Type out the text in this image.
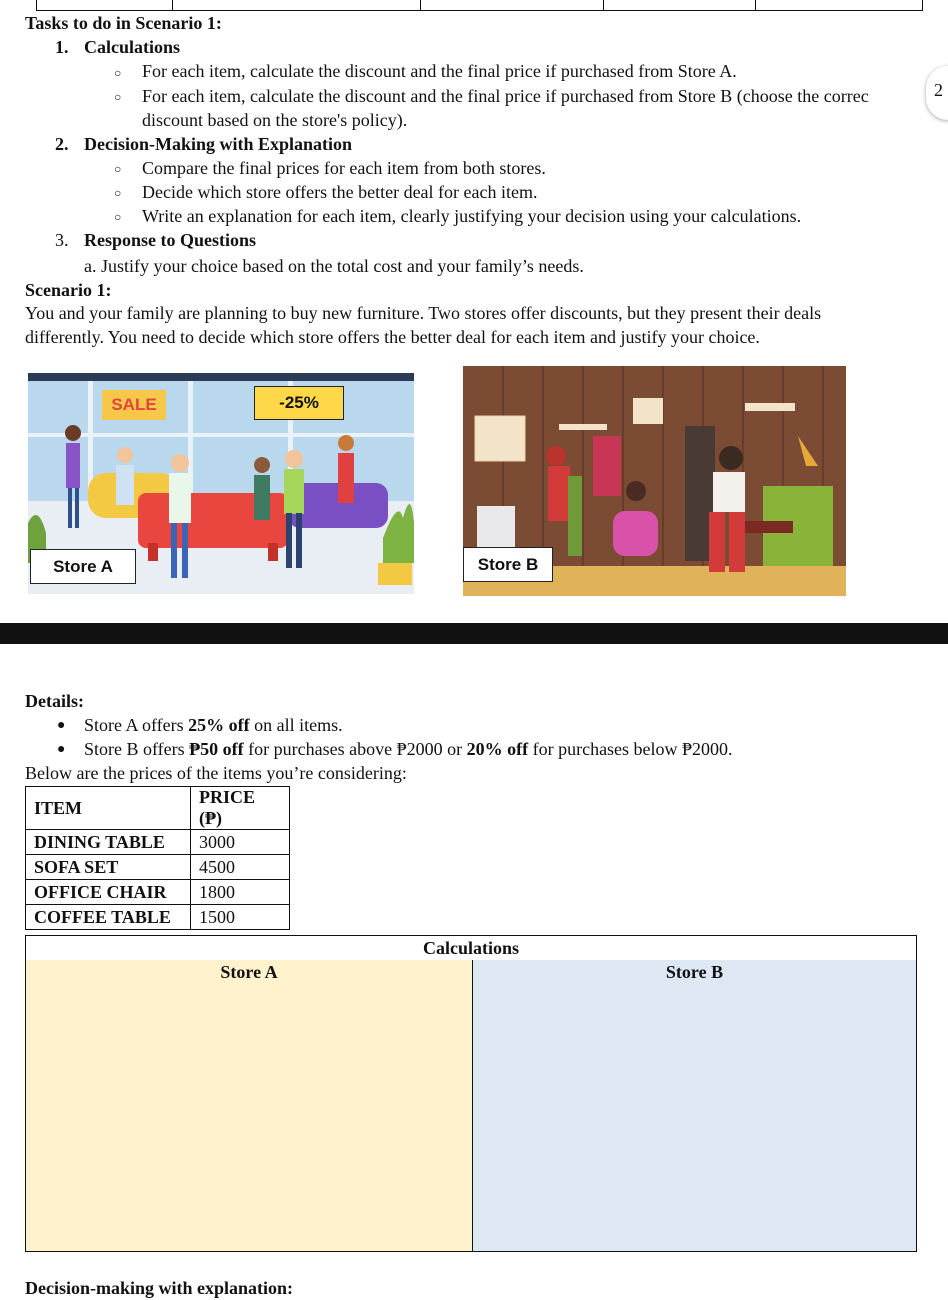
2
Tasks to do in Scenario 1:
1. Calculations
○ For each item, calculate the discount and the final price if purchased from Store A.
○ For each item, calculate the discount and the final price if purchased from Store B (choose the correc
discount based on the store's policy).
2. Decision-Making with Explanation
○ Compare the final prices for each item from both stores.
○ Decide which store offers the better deal for each item.
○ Write an explanation for each item, clearly justifying your decision using your calculations.
3. Response to Questions
a. Justify your choice based on the total cost and your family’s needs.
Scenario 1:
You and your family are planning to buy new furniture. Two stores offer discounts, but they present their deals
differently. You need to decide which store offers the better deal for each item and justify your choice.
SALE	-25%
Store A	Store B
Details:
● Store A offers 25% off on all items.
● Store B offers ₱50 off for purchases above ₱2000 or 20% off for purchases below ₱2000.
Below are the prices of the items you’re considering:
ITEM	PRICE (₱)
DINING TABLE	3000
SOFA SET	4500
OFFICE CHAIR	1800
COFFEE TABLE	1500
Calculations
Store A	Store B
Decision-making with explanation:
